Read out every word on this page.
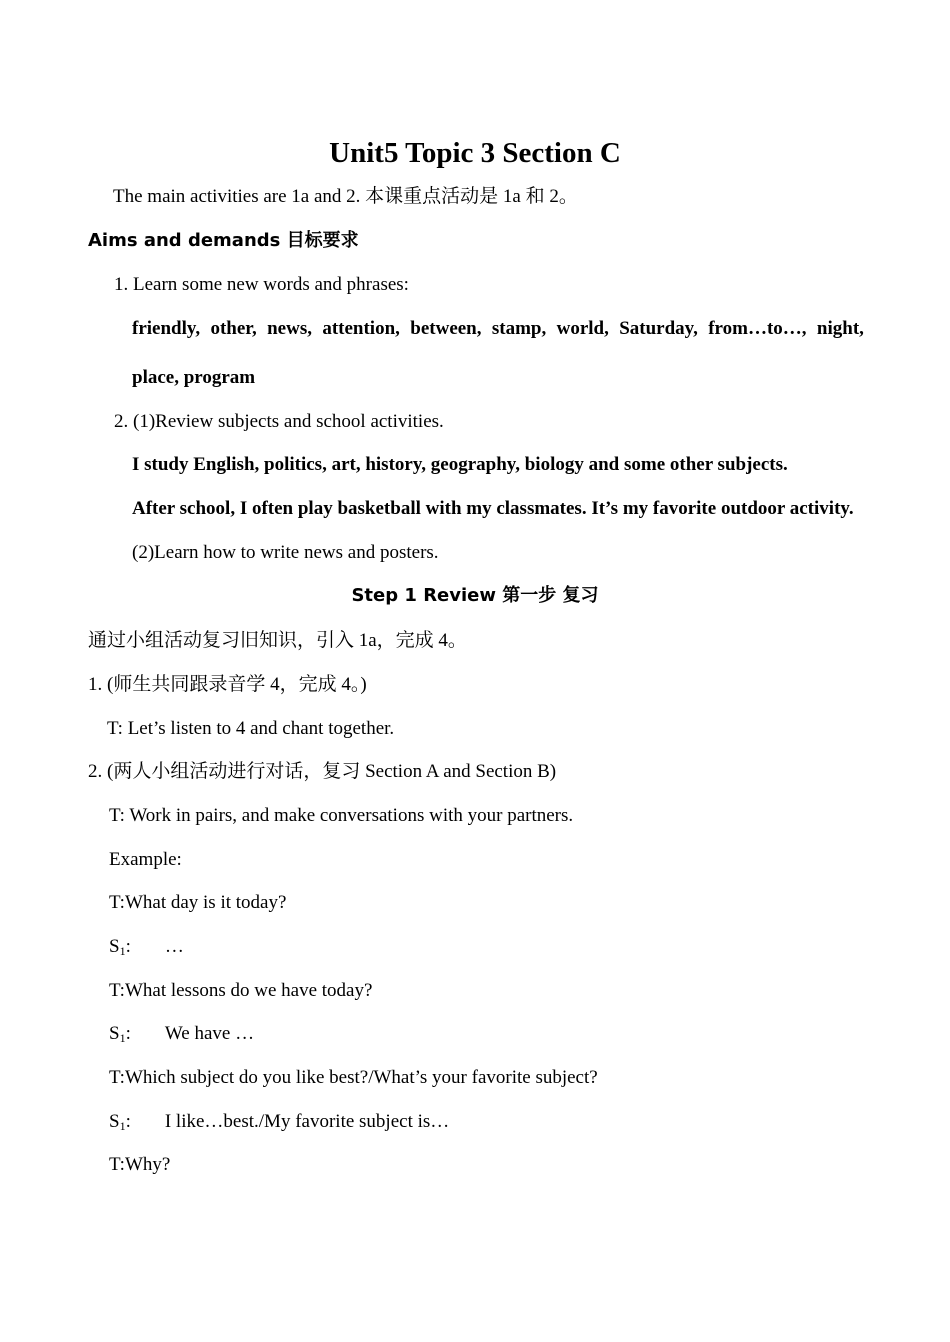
Unit5 Topic 3 Section C
The main activities are 1a and 2. 本课重点活动是 1a 和 2。
Aims and demands 目标要求
1. Learn some new words and phrases:
friendly, other, news, attention, between, stamp, world, Saturday, from…to…, night,
place, program
2. (1)Review subjects and school activities.
I study English, politics, art, history, geography, biology and some other subjects.
After school, I often play basketball with my classmates. It’s my favorite outdoor activity.
(2)Learn how to write news and posters.
Step 1 Review 第一步 复习
通过小组活动复习旧知识，引入 1a，完成 4。
1. (师生共同跟录音学 4，完成 4。)
T: Let’s listen to 4 and chant together.
2. (两人小组活动进行对话，复习 Section A and Section B)
T: Work in pairs, and make conversations with your partners.
Example:
T:What day is it today?
$S_1$: …
T:What lessons do we have today?
$S_1$: We have …
T:Which subject do you like best?/What’s your favorite subject?
$S_1$: I like…best./My favorite subject is…
T:Why?
